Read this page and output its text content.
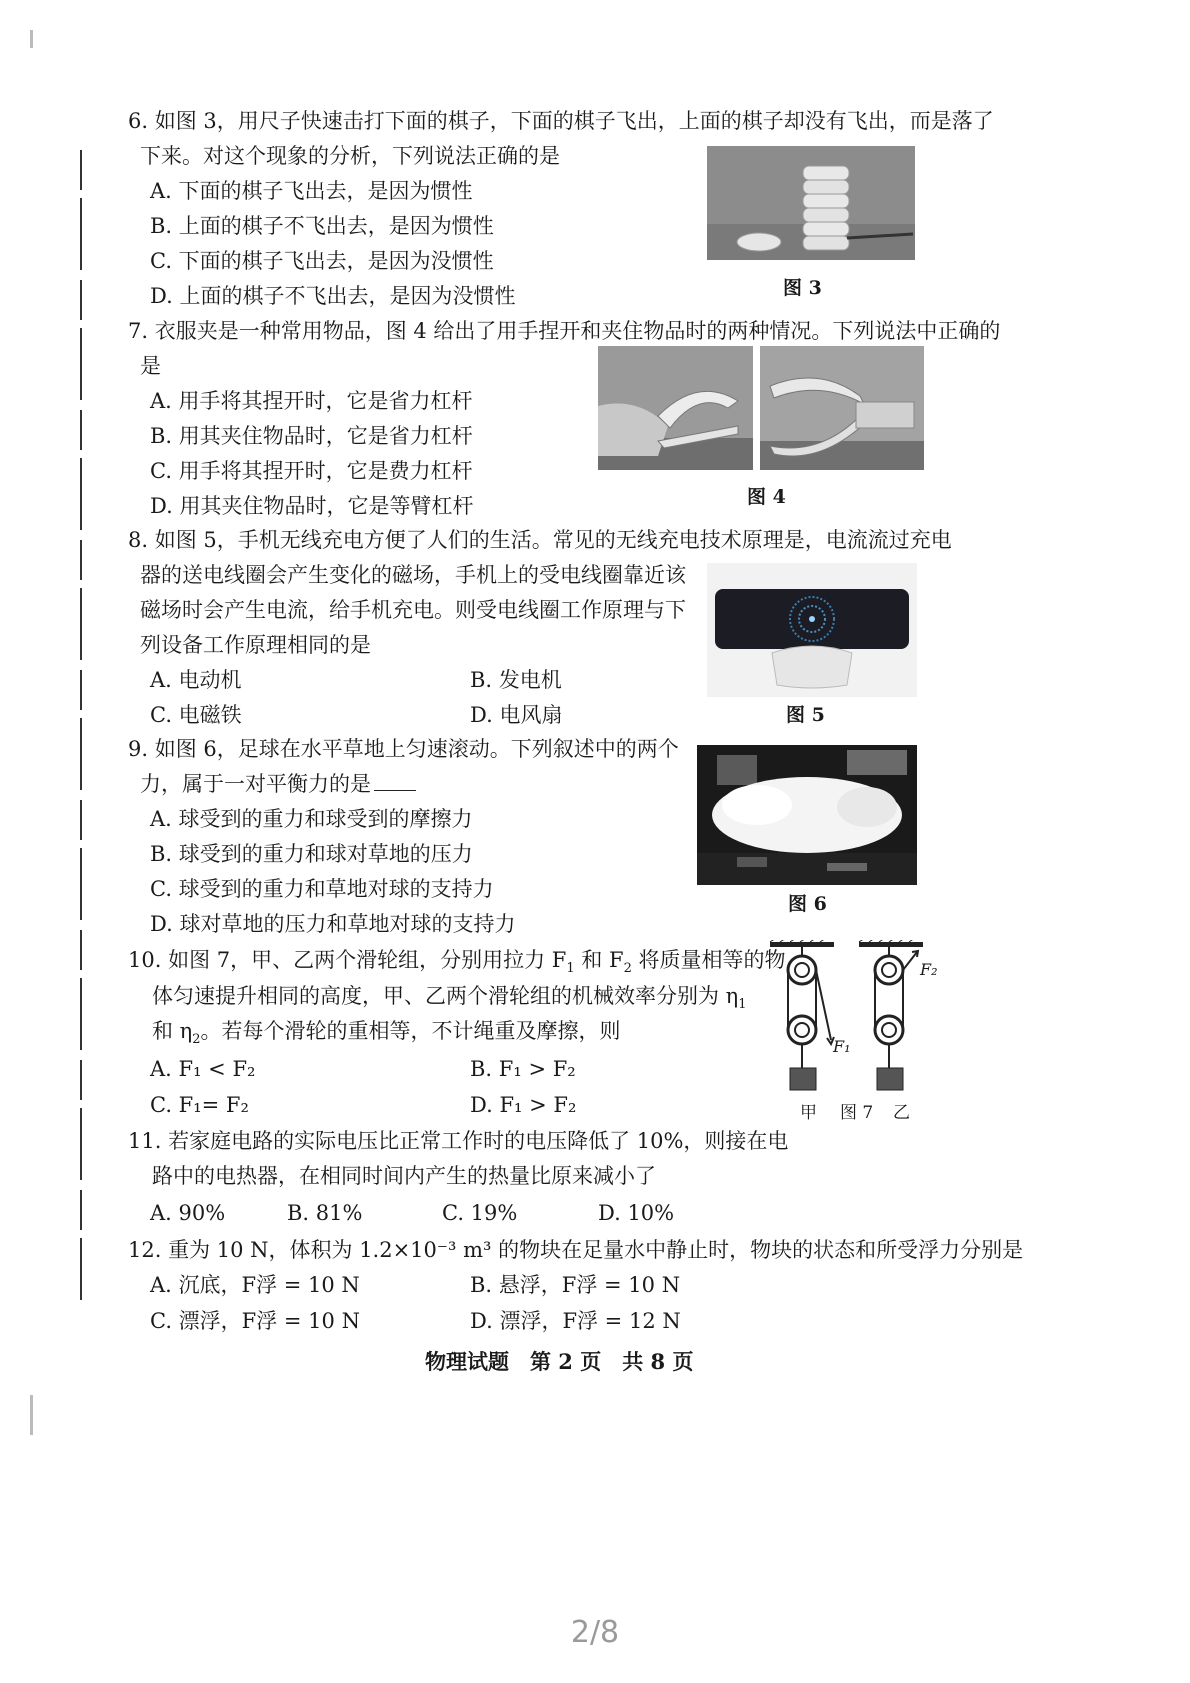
6. 如图 3，用尺子快速击打下面的棋子，下面的棋子飞出，上面的棋子却没有飞出，而是落了
下来。对这个现象的分析，下列说法正确的是
A. 下面的棋子飞出去，是因为惯性
B. 上面的棋子不飞出去，是因为惯性
C. 下面的棋子飞出去，是因为没惯性
D. 上面的棋子不飞出去，是因为没惯性	图 3
7. 衣服夹是一种常用物品，图 4 给出了用手捏开和夹住物品时的两种情况。下列说法中正确的
是
A. 用手将其捏开时，它是省力杠杆
B. 用其夹住物品时，它是省力杠杆
C. 用手将其捏开时，它是费力杠杆
D. 用其夹住物品时，它是等臂杠杆	图 4
8. 如图 5，手机无线充电方便了人们的生活。常见的无线充电技术原理是，电流流过充电
器的送电线圈会产生变化的磁场，手机上的受电线圈靠近该
磁场时会产生电流，给手机充电。则受电线圈工作原理与下
列设备工作原理相同的是
A. 电动机	B. 发电机
C. 电磁铁	D. 电风扇	图 5
9. 如图 6，足球在水平草地上匀速滚动。下列叙述中的两个
力，属于一对平衡力的是
A. 球受到的重力和球受到的摩擦力
B. 球受到的重力和球对草地的压力
C. 球受到的重力和草地对球的支持力
D. 球对草地的压力和草地对球的支持力
图 6
10. 如图 7，甲、乙两个滑轮组，分别用拉力 $F_1$ 和 $F_2$ 将质量相等的物
体匀速提升相同的高度，甲、乙两个滑轮组的机械效率分别为 $\eta_1$
和 $\eta_2$。若每个滑轮的重相等，不计绳重及摩擦，则
A. F₁ < F₂	B. F₁ > F₂
C. F₁= F₂	D. F₁ > F₂
F₁
F₂
甲 图 7 乙
11. 若家庭电路的实际电压比正常工作时的电压降低了 10%，则接在电
路中的电热器，在相同时间内产生的热量比原来减小了
A. 90%	B. 81%	C. 19%	D. 10%
12. 重为 10 N，体积为 1.2×10⁻³ m³ 的物块在足量水中静止时，物块的状态和所受浮力分别是
A. 沉底，F浮 = 10 N	B. 悬浮，F浮 = 10 N
C. 漂浮，F浮 = 10 N	D. 漂浮，F浮 = 12 N
物理试题　第 2 页　共 8 页
2/8
